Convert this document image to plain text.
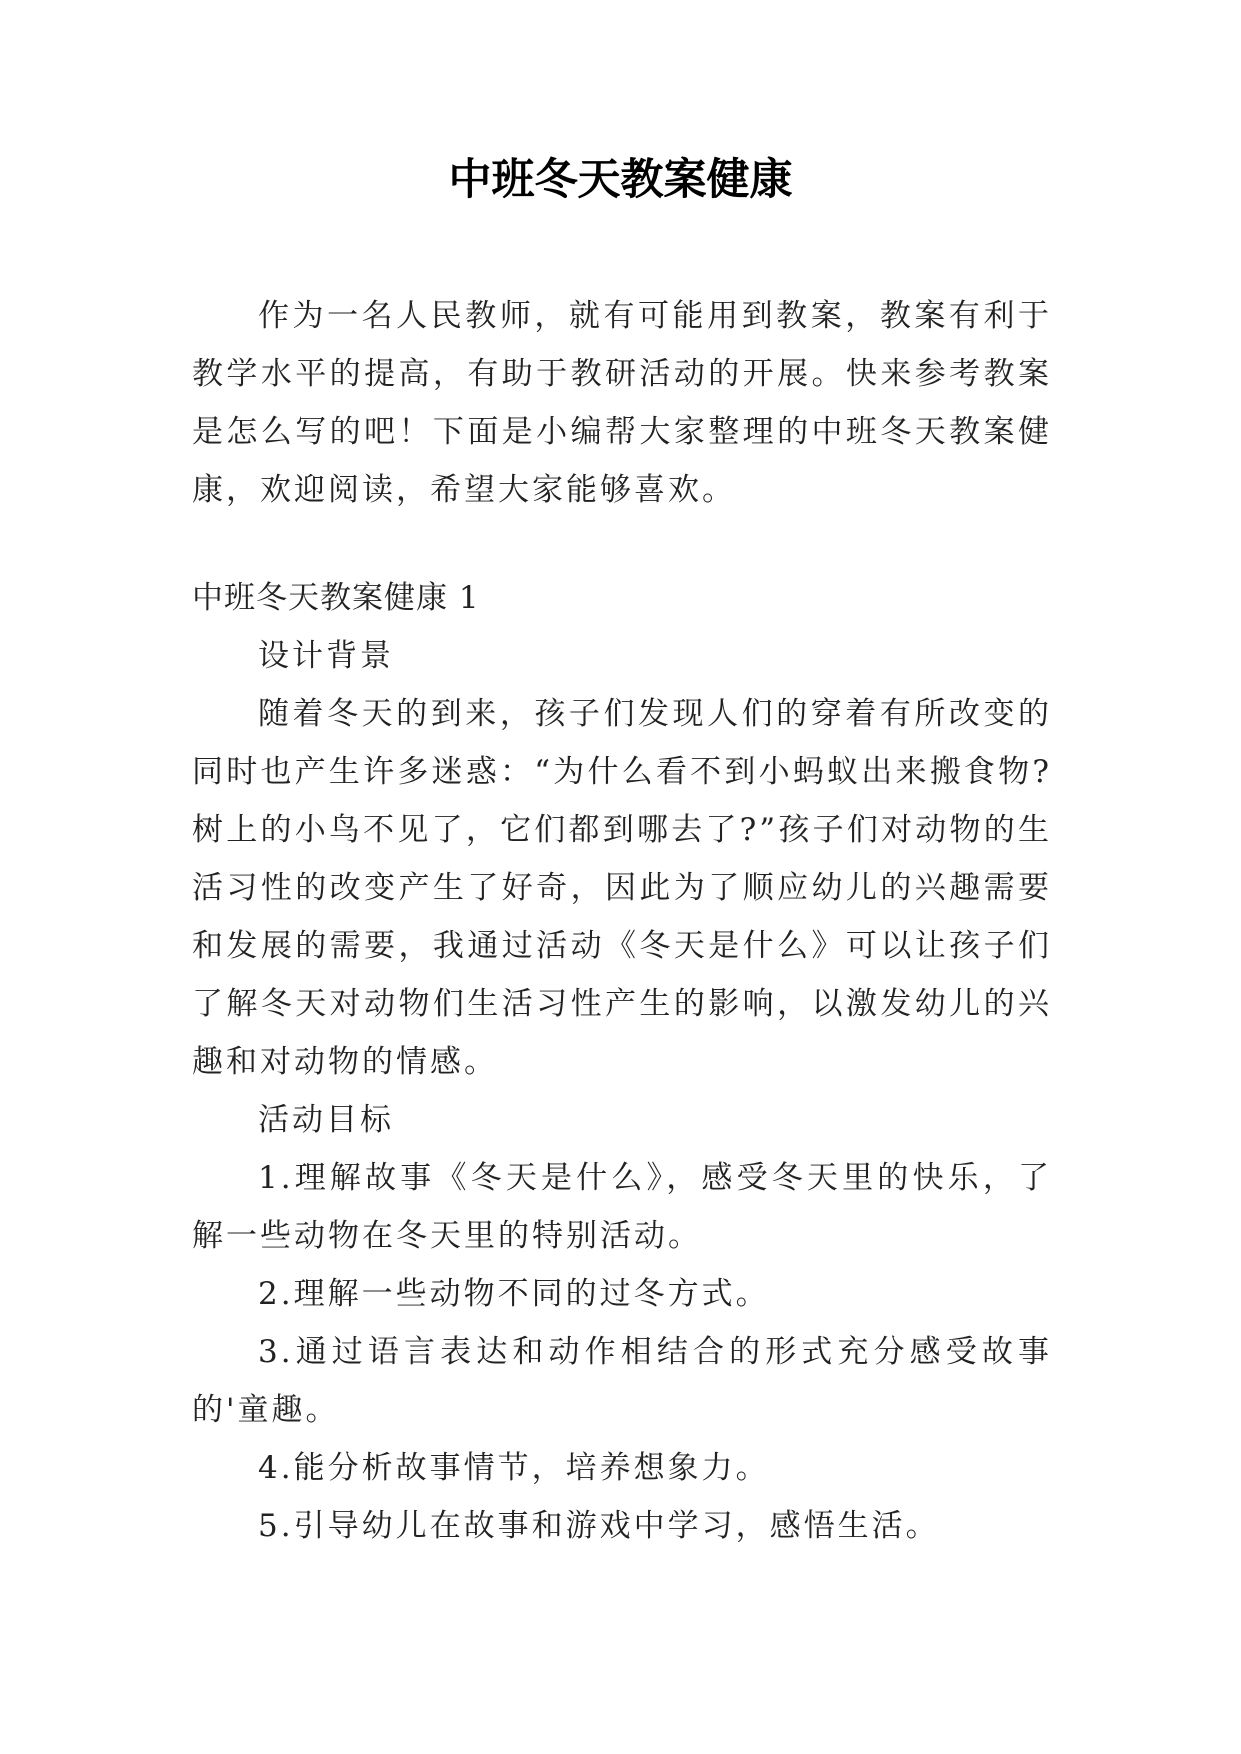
中班冬天教案健康

作为一名人民教师，就有可能用到教案，教案有利于教学水平的提高，有助于教研活动的开展。快来参考教案是怎么写的吧！下面是小编帮大家整理的中班冬天教案健康，欢迎阅读，希望大家能够喜欢。

中班冬天教案健康 1

设计背景

随着冬天的到来，孩子们发现人们的穿着有所改变的同时也产生许多迷惑：“为什么看不到小蚂蚁出来搬食物?树上的小鸟不见了，它们都到哪去了?”孩子们对动物的生活习性的改变产生了好奇，因此为了顺应幼儿的兴趣需要和发展的需要，我通过活动《冬天是什么》可以让孩子们了解冬天对动物们生活习性产生的影响，以激发幼儿的兴趣和对动物的情感。

活动目标

1.理解故事《冬天是什么》，感受冬天里的快乐，了解一些动物在冬天里的特别活动。

2.理解一些动物不同的过冬方式。

3.通过语言表达和动作相结合的形式充分感受故事的'童趣。

4.能分析故事情节，培养想象力。

5.引导幼儿在故事和游戏中学习，感悟生活。
